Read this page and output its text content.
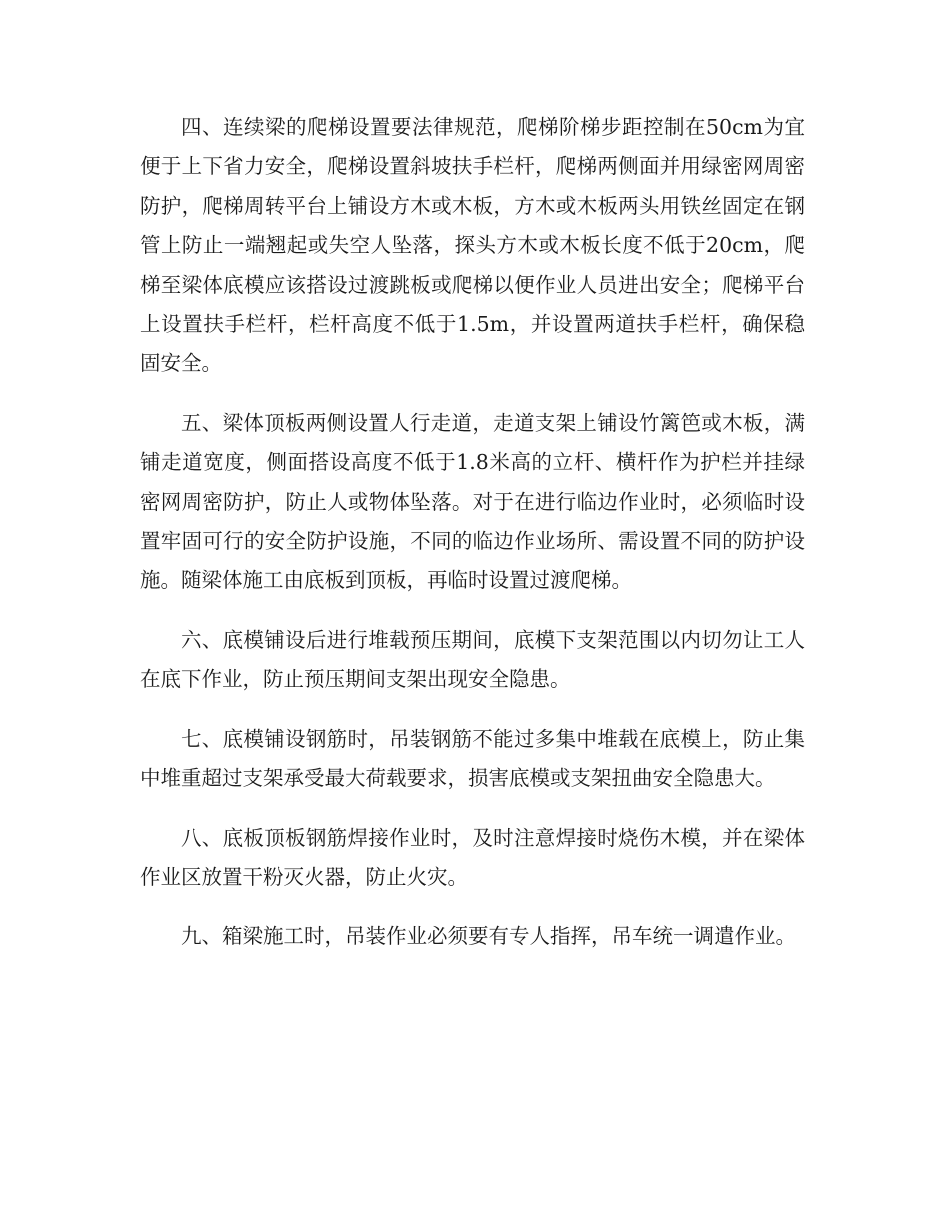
四、连续梁的爬梯设置要法律规范，爬梯阶梯步距控制在50cm为宜便于上下省力安全，爬梯设置斜坡扶手栏杆，爬梯两侧面并用绿密网周密防护，爬梯周转平台上铺设方木或木板，方木或木板两头用铁丝固定在钢管上防止一端翘起或失空人坠落，探头方木或木板长度不低于20cm，爬梯至梁体底模应该搭设过渡跳板或爬梯以便作业人员进出安全；爬梯平台上设置扶手栏杆，栏杆高度不低于1.5m，并设置两道扶手栏杆，确保稳固安全。

五、梁体顶板两侧设置人行走道，走道支架上铺设竹篱笆或木板，满铺走道宽度，侧面搭设高度不低于1.8米高的立杆、横杆作为护栏并挂绿密网周密防护，防止人或物体坠落。对于在进行临边作业时，必须临时设置牢固可行的安全防护设施，不同的临边作业场所、需设置不同的防护设施。随梁体施工由底板到顶板，再临时设置过渡爬梯。

六、底模铺设后进行堆载预压期间，底模下支架范围以内切勿让工人在底下作业，防止预压期间支架出现安全隐患。

七、底模铺设钢筋时，吊装钢筋不能过多集中堆载在底模上，防止集中堆重超过支架承受最大荷载要求，损害底模或支架扭曲安全隐患大。

八、底板顶板钢筋焊接作业时，及时注意焊接时烧伤木模，并在梁体作业区放置干粉灭火器，防止火灾。

九、箱梁施工时，吊装作业必须要有专人指挥，吊车统一调遣作业。
